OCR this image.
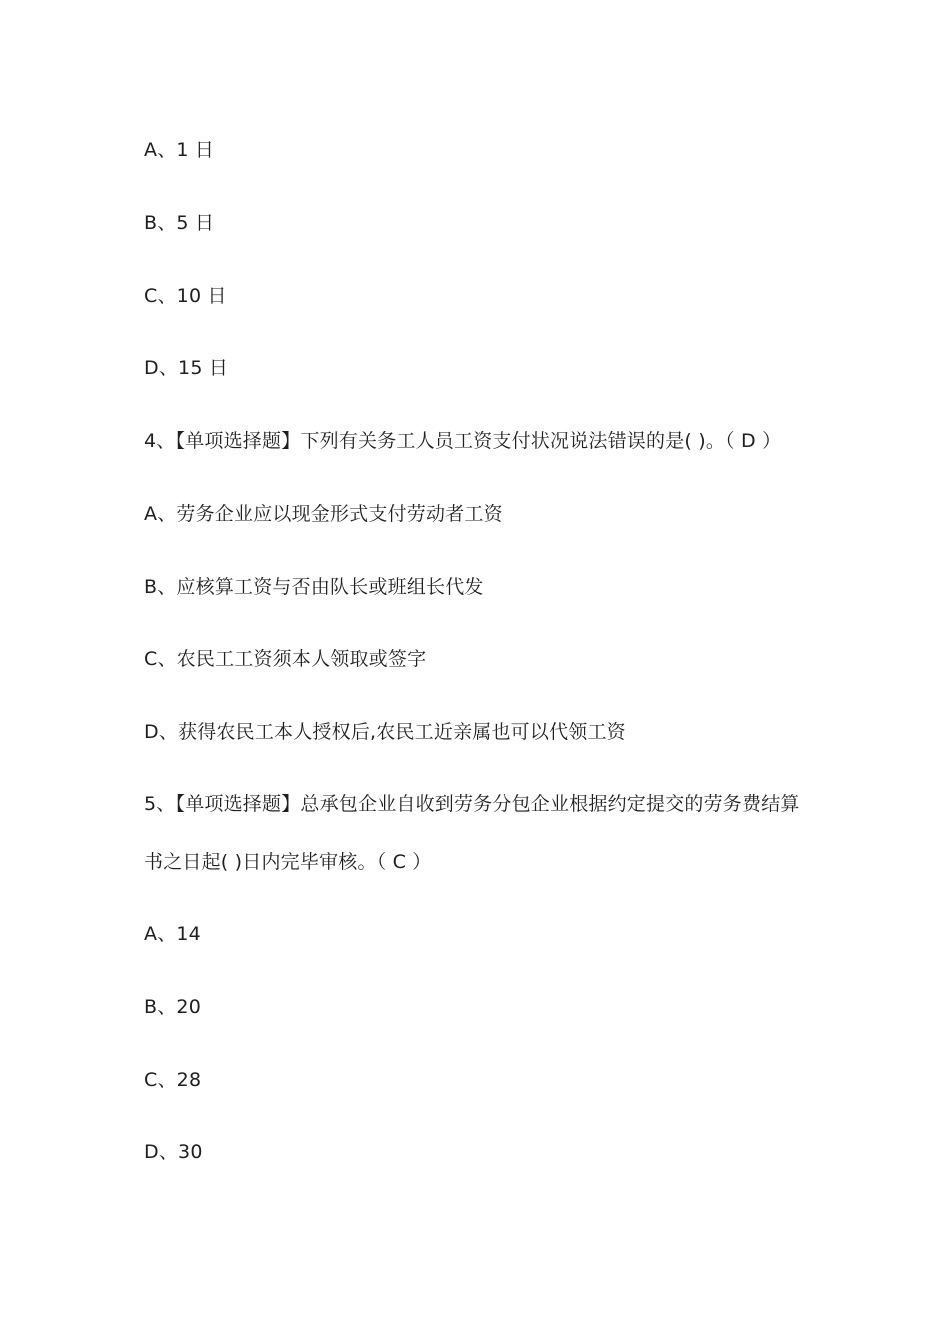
A、1 日
B、5 日
C、10 日
D、15 日
4、【单项选择题】下列有关务工人员工资支付状况说法错误的是( )。（ D ）
A、劳务企业应以现金形式支付劳动者工资
B、应核算工资与否由队长或班组长代发
C、农民工工资须本人领取或签字
D、获得农民工本人授权后,农民工近亲属也可以代领工资
5、【单项选择题】总承包企业自收到劳务分包企业根据约定提交的劳务费结算
书之日起( )日内完毕审核。（ C ）
A、14
B、20
C、28
D、30
